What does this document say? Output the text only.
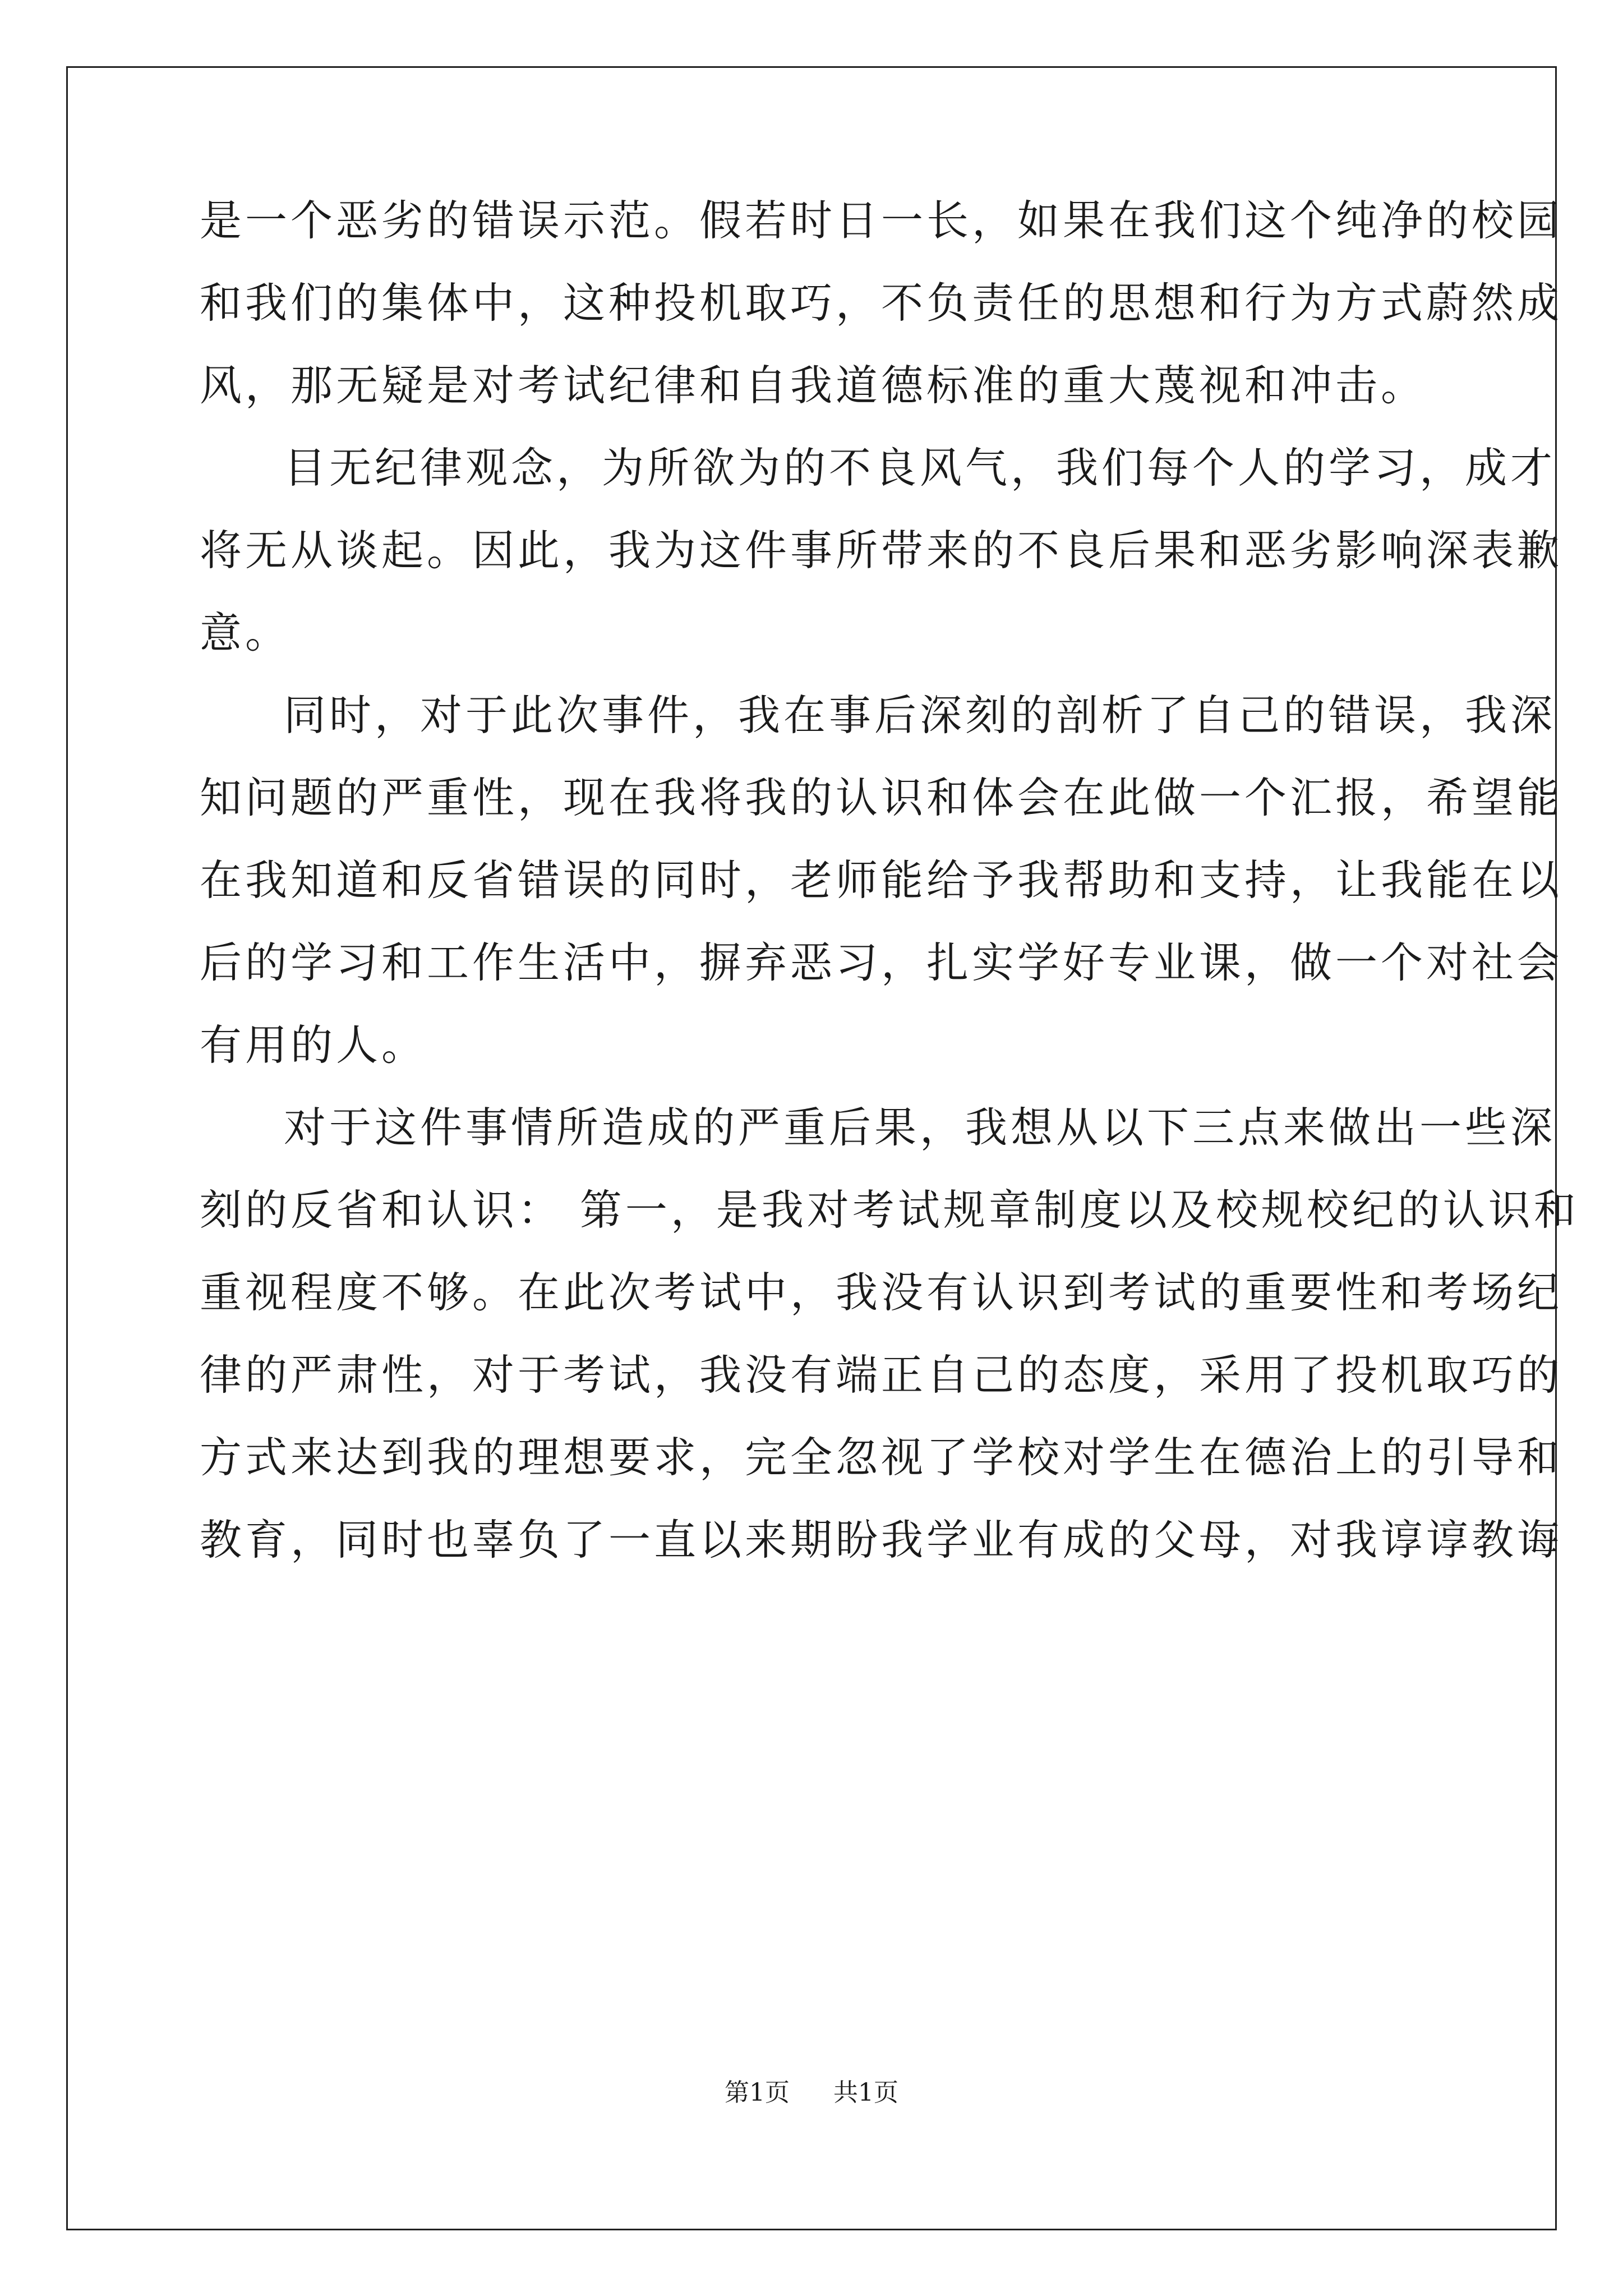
是一个恶劣的错误示范。假若时日一长，如果在我们这个纯净的校园
和我们的集体中，这种投机取巧，不负责任的思想和行为方式蔚然成
风，那无疑是对考试纪律和自我道德标准的重大蔑视和冲击。
目无纪律观念，为所欲为的不良风气，我们每个人的学习，成才
将无从谈起。因此，我为这件事所带来的不良后果和恶劣影响深表歉
意。
同时，对于此次事件，我在事后深刻的剖析了自己的错误，我深
知问题的严重性，现在我将我的认识和体会在此做一个汇报，希望能
在我知道和反省错误的同时，老师能给予我帮助和支持，让我能在以
后的学习和工作生活中，摒弃恶习，扎实学好专业课，做一个对社会
有用的人。
对于这件事情所造成的严重后果，我想从以下三点来做出一些深
刻的反省和认识： 第一，是我对考试规章制度以及校规校纪的认识和
重视程度不够。在此次考试中，我没有认识到考试的重要性和考场纪
律的严肃性，对于考试，我没有端正自己的态度，采用了投机取巧的
方式来达到我的理想要求，完全忽视了学校对学生在德治上的引导和
教育，同时也辜负了一直以来期盼我学业有成的父母，对我谆谆教诲
第1页 共1页
